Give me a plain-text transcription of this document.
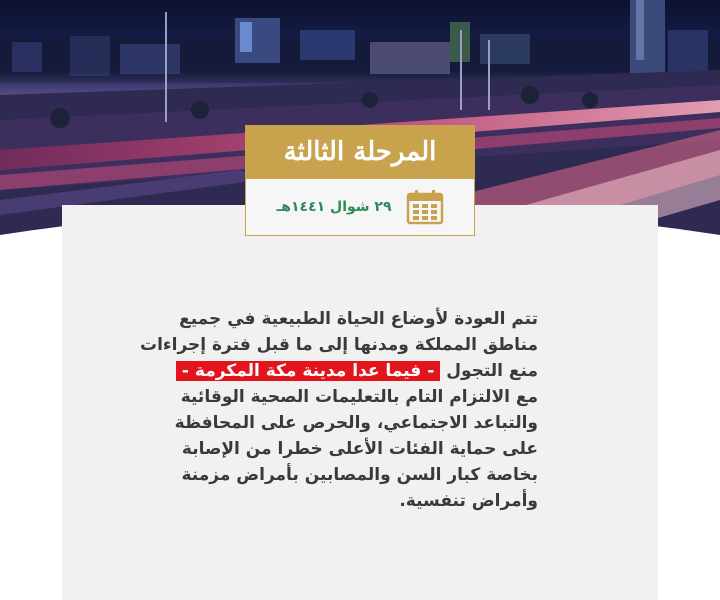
المرحلة الثالثة
٢٩ شوال ١٤٤١هـ

تتم العودة لأوضاع الحياة الطبيعية في جميع

مناطق المملكة ومدنها إلى ما قبل فترة إجراءات

منع التجول - فيما عدا مدينة مكة المكرمة -

مع الالتزام التام بالتعليمات الصحية الوقائية

والتباعد الاجتماعي، والحرص على المحافظة

على حماية الفئات الأعلى خطرا من الإصابة

بخاصة كبار السن والمصابين بأمراض مزمنة

وأمراض تنفسية.
